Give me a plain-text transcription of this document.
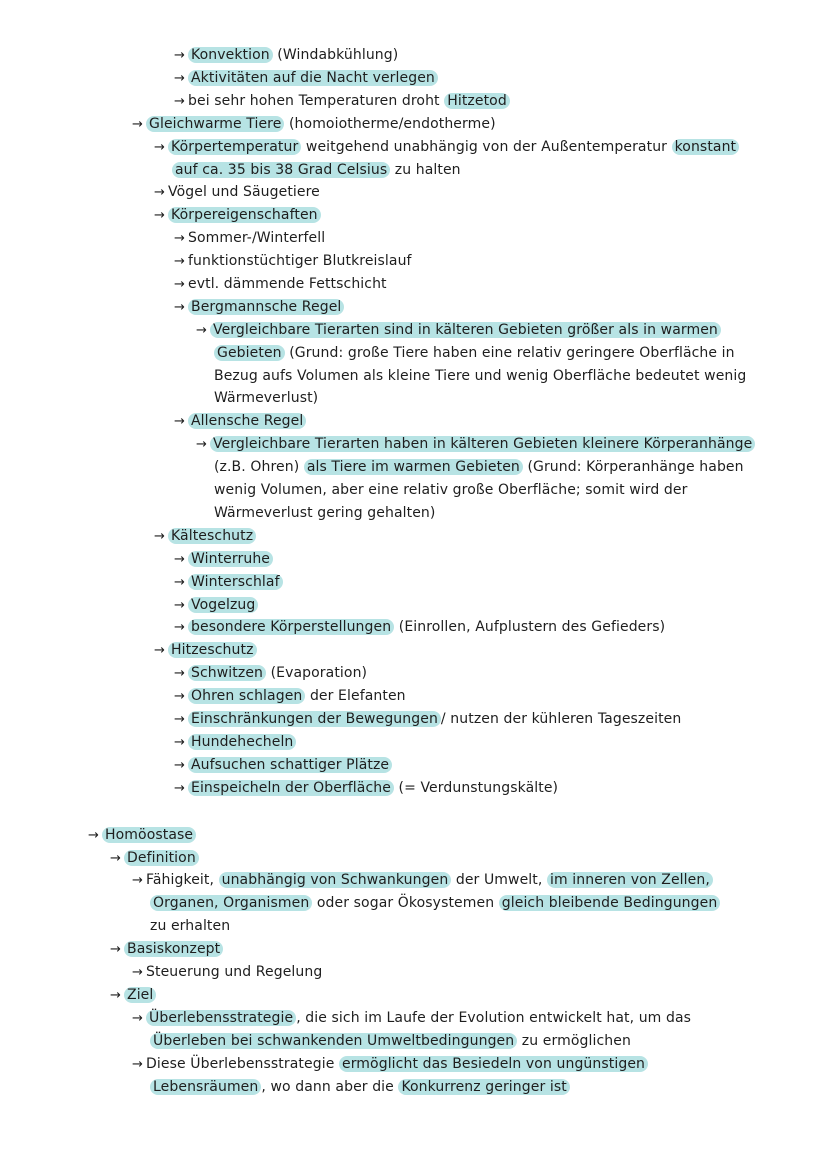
→ Konvektion (Windabkühlung)
→ Aktivitäten auf die Nacht verlegen
→ bei sehr hohen Temperaturen droht Hitzetod
→ Gleichwarme Tiere (homoiotherme/endotherme)
→ Körpertemperatur weitgehend unabhängig von der Außentemperatur konstant
auf ca. 35 bis 38 Grad Celsius zu halten
→ Vögel und Säugetiere
→ Körpereigenschaften
→ Sommer-/Winterfell
→ funktionstüchtiger Blutkreislauf
→ evtl. dämmende Fettschicht
→ Bergmannsche Regel
→ Vergleichbare Tierarten sind in kälteren Gebieten größer als in warmen
Gebieten (Grund: große Tiere haben eine relativ geringere Oberfläche in
Bezug aufs Volumen als kleine Tiere und wenig Oberfläche bedeutet wenig
Wärmeverlust)
→ Allensche Regel
→ Vergleichbare Tierarten haben in kälteren Gebieten kleinere Körperanhänge
(z.B. Ohren) als Tiere im warmen Gebieten (Grund: Körperanhänge haben
wenig Volumen, aber eine relativ große Oberfläche; somit wird der
Wärmeverlust gering gehalten)
→ Kälteschutz
→ Winterruhe
→ Winterschlaf
→ Vogelzug
→ besondere Körperstellungen (Einrollen, Aufplustern des Gefieders)
→ Hitzeschutz
→ Schwitzen (Evaporation)
→ Ohren schlagen der Elefanten
→ Einschränkungen der Bewegungen / nutzen der kühleren Tageszeiten
→ Hundehecheln
→ Aufsuchen schattiger Plätze
→ Einspeicheln der Oberfläche (= Verdunstungskälte)
→ Homöostase
→ Definition
→ Fähigkeit, unabhängig von Schwankungen der Umwelt, im inneren von Zellen,
Organen, Organismen oder sogar Ökosystemen gleich bleibende Bedingungen
zu erhalten
→ Basiskonzept
→ Steuerung und Regelung
→ Ziel
→ Überlebensstrategie , die sich im Laufe der Evolution entwickelt hat, um das
Überleben bei schwankenden Umweltbedingungen zu ermöglichen
→ Diese Überlebensstrategie ermöglicht das Besiedeln von ungünstigen
Lebensräumen , wo dann aber die Konkurrenz geringer ist
